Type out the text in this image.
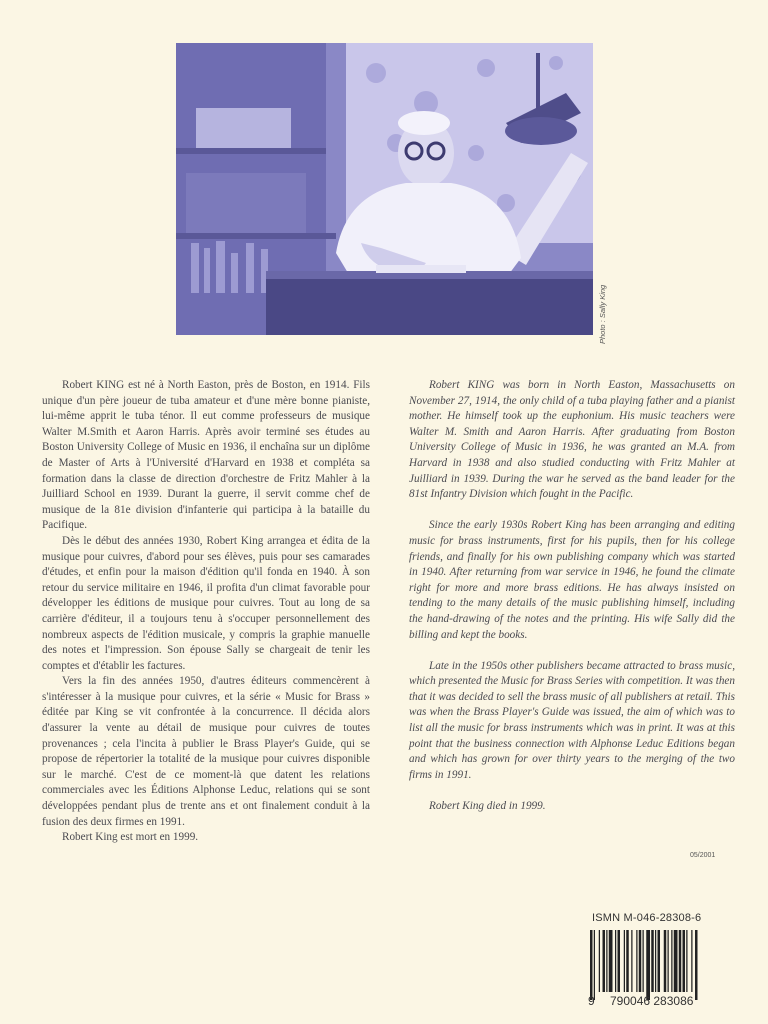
Photo : Sally King

Robert KING est né à North Easton, près de Boston, en 1914. Fils unique d'un père joueur de tuba amateur et d'une mère bonne pianiste, lui-même apprit le tuba ténor. Il eut comme professeurs de musique Walter M.Smith et Aaron Harris. Après avoir terminé ses études au Boston University College of Music en 1936, il enchaîna sur un diplôme de Master of Arts à l'Université d'Harvard en 1938 et compléta sa formation dans la classe de direction d'orchestre de Fritz Mahler à la Juilliard School en 1939. Durant la guerre, il servit comme chef de musique de la 81e division d'infanterie qui participa à la bataille du Pacifique.

Dès le début des années 1930, Robert King arrangea et édita de la musique pour cuivres, d'abord pour ses élèves, puis pour ses camarades d'études, et enfin pour la maison d'édition qu'il fonda en 1940. À son retour du service militaire en 1946, il profita d'un climat favorable pour développer les éditions de musique pour cuivres. Tout au long de sa carrière d'éditeur, il a toujours tenu à s'occuper personnellement des nombreux aspects de l'édition musicale, y compris la graphie manuelle des notes et l'impression. Son épouse Sally se chargeait de tenir les comptes et d'établir les factures.

Vers la fin des années 1950, d'autres éditeurs commencèrent à s'intéresser à la musique pour cuivres, et la série « Music for Brass » éditée par King se vit confrontée à la concurrence. Il décida alors d'assurer la vente au détail de musique pour cuivres de toutes provenances ; cela l'incita à publier le Brass Player's Guide, qui se propose de répertorier la totalité de la musique pour cuivres disponible sur le marché. C'est de ce moment-là que datent les relations commerciales avec les Éditions Alphonse Leduc, relations qui se sont développées pendant plus de trente ans et ont finalement conduit à la fusion des deux firmes en 1991.

Robert King est mort en 1999.

Robert KING was born in North Easton, Massachusetts on November 27, 1914, the only child of a tuba playing father and a pianist mother. He himself took up the euphonium. His music teachers were Walter M. Smith and Aaron Harris. After graduating from Boston University College of Music in 1936, he was granted an M.A. from Harvard in 1938 and also studied conducting with Fritz Mahler at Juilliard in 1939. During the war he served as the band leader for the 81st Infantry Division which fought in the Pacific.

Since the early 1930s Robert King has been arranging and editing music for brass instruments, first for his pupils, then for his college friends, and finally for his own publishing company which was started in 1940. After returning from war service in 1946, he found the climate right for more and more brass editions. He has always insisted on tending to the many details of the music publishing himself, including the hand-drawing of the notes and the printing. His wife Sally did the billing and kept the books.

Late in the 1950s other publishers became attracted to brass music, which presented the Music for Brass Series with competition. It was then that it was decided to sell the brass music of all publishers at retail. This was when the Brass Player's Guide was issued, the aim of which was to list all the music for brass instruments which was in print. It was at this point that the business connection with Alphonse Leduc Editions began and which has grown for over thirty years to the merging of the two firms in 1991.

Robert King died in 1999.

05/2001
ISMN M-046-28308-6
9 790046 283086
